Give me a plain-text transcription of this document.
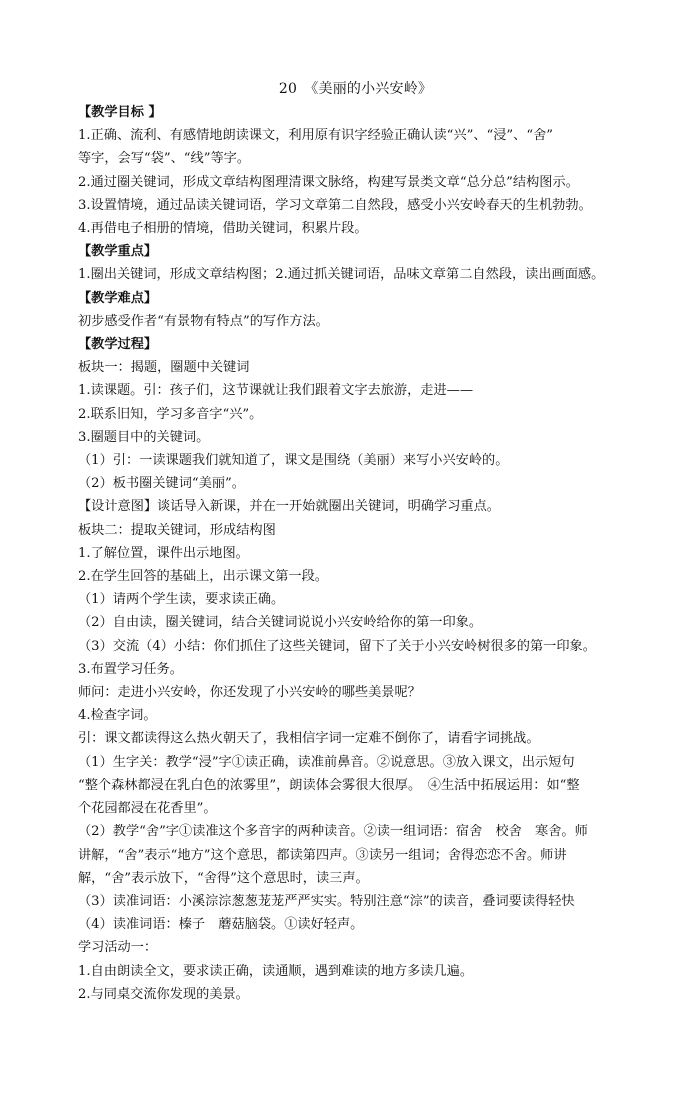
20　《美丽的小兴安岭》
【教学目标 】
1.正确、流利、有感情地朗读课文，利用原有识字经验正确认读“兴”、“浸”、“舍”
等字，会写“袋”、“线”等字。
2.通过圈关键词，形成文章结构图理清课文脉络，构建写景类文章“总分总”结构图示。
3.设置情境，通过品读关键词语，学习文章第二自然段，感受小兴安岭春天的生机勃勃。
4.再借电子相册的情境，借助关键词，积累片段。
【教学重点】
1.圈出关键词，形成文章结构图；2.通过抓关键词语，品味文章第二自然段，读出画面感。
【教学难点】
初步感受作者“有景物有特点”的写作方法。
【教学过程】
板块一：揭题，圈题中关键词
1.读课题。引：孩子们，这节课就让我们跟着文字去旅游，走进——
2.联系旧知，学习多音字“兴”。
3.圈题目中的关键词。
（1）引：一读课题我们就知道了，课文是围绕（美丽）来写小兴安岭的。
（2）板书圈关键词“美丽”。
【设计意图】谈话导入新课，并在一开始就圈出关键词，明确学习重点。
板块二：提取关键词，形成结构图
1.了解位置，课件出示地图。
2.在学生回答的基础上，出示课文第一段。
（1）请两个学生读，要求读正确。
（2）自由读，圈关键词，结合关键词说说小兴安岭给你的第一印象。
（3）交流（4）小结：你们抓住了这些关键词，留下了关于小兴安岭树很多的第一印象。
3.布置学习任务。
师问：走进小兴安岭，你还发现了小兴安岭的哪些美景呢？
4.检查字词。
引：课文都读得这么热火朝天了，我相信字词一定难不倒你了，请看字词挑战。
（1）生字关：教学“浸”字①读正确，读准前鼻音。②说意思。③放入课文，出示短句
“整个森林都浸在乳白色的浓雾里”，朗读体会雾很大很厚。　④生活中拓展运用：如“整
个花园都浸在花香里”。
（2）教学“舍”字①读准这个多音字的两种读音。②读一组词语：宿舍　校舍　寒舍。师
讲解，“舍”表示“地方”这个意思，都读第四声。③读另一组词；舍得恋恋不舍。师讲
解，“舍”表示放下，“舍得”这个意思时，读三声。
（3）读准词语：小溪淙淙葱葱茏茏严严实实。特别注意“淙”的读音，叠词要读得轻快
（4）读准词语：榛子　蘑菇脑袋。①读好轻声。
学习活动一：
1.自由朗读全文，要求读正确，读通顺，遇到难读的地方多读几遍。
2.与同桌交流你发现的美景。
